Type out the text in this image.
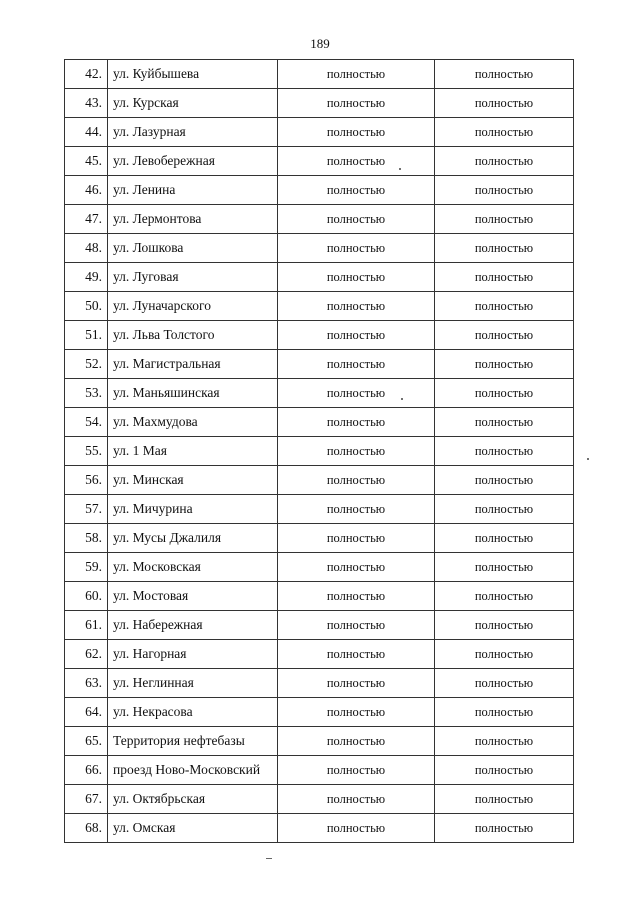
189
42.	ул. Куйбышева	полностью	полностью
43.	ул. Курская	полностью	полностью
44.	ул. Лазурная	полностью	полностью
45.	ул. Левобережная	полностью	полностью
46.	ул. Ленина	полностью	полностью
47.	ул. Лермонтова	полностью	полностью
48.	ул. Лошкова	полностью	полностью
49.	ул. Луговая	полностью	полностью
50.	ул. Луначарского	полностью	полностью
51.	ул. Льва Толстого	полностью	полностью
52.	ул. Магистральная	полностью	полностью
53.	ул. Маньяшинская	полностью	полностью
54.	ул. Махмудова	полностью	полностью
55.	ул. 1 Мая	полностью	полностью
56.	ул. Минская	полностью	полностью
57.	ул. Мичурина	полностью	полностью
58.	ул. Мусы Джалиля	полностью	полностью
59.	ул. Московская	полностью	полностью
60.	ул. Мостовая	полностью	полностью
61.	ул. Набережная	полностью	полностью
62.	ул. Нагорная	полностью	полностью
63.	ул. Неглинная	полностью	полностью
64.	ул. Некрасова	полностью	полностью
65.	Территория нефтебазы	полностью	полностью
66.	проезд Ново-Московский	полностью	полностью
67.	ул. Октябрьская	полностью	полностью
68.	ул. Омская	полностью	полностью
